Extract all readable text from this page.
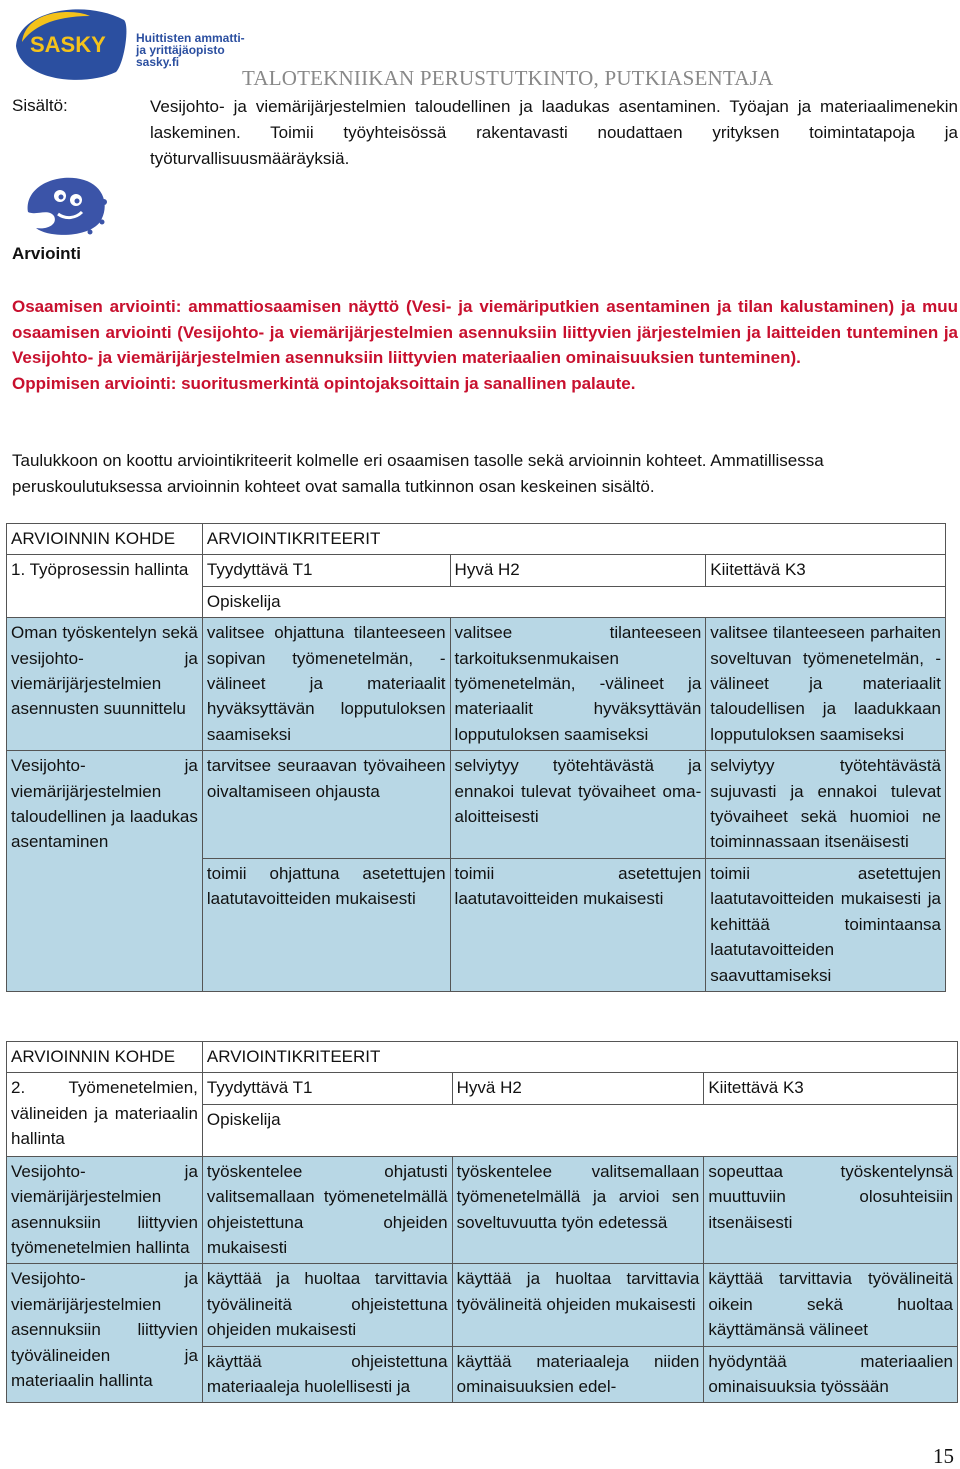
SASKY	Huittisten ammatti-
ja yrittäjäopisto
sasky.fi
TALOTEKNIIKAN PERUSTUTKINTO, PUTKIASENTAJA
Sisältö:	Vesijohto- ja viemärijärjestelmien taloudellinen ja laadukas asentaminen. Työajan ja materiaalimenekin laskeminen. Toimii työyhteisössä rakentavasti noudattaen yrityksen toimintatapoja ja työturvallisuusmääräyksiä.
Arviointi

Osaamisen arviointi: ammattiosaamisen näyttö (Vesi- ja viemäriputkien asentaminen ja tilan kalustaminen) ja muu osaamisen arviointi (Vesijohto- ja viemärijärjestelmien asennuksiin liittyvien järjestelmien ja laitteiden tunteminen ja Vesijohto- ja viemärijärjestelmien asennuksiin liittyvien materiaalien ominaisuuksien tunteminen).

Oppimisen arviointi: suoritusmerkintä opintojaksoittain ja sanallinen palaute.

Taulukkoon on koottu arviointikriteerit kolmelle eri osaamisen tasolle sekä arvioinnin kohteet. Ammatillisessa peruskoulutuksessa arvioinnin kohteet ovat samalla tutkinnon osan keskeinen sisältö.
ARVIOINNIN KOHDE	ARVIOINTIKRITEERIT		
1. Työprosessin hallinta	Tyydyttävä T1	Hyvä H2	Kiitettävä K3
	Opiskelija		
Oman työskentelyn sekä vesijohto- ja viemärijärjestelmien asennusten suunnittelu	valitsee ohjattuna tilanteeseen sopivan työmenetelmän, -välineet ja materiaalit hyväksyttävän lopputuloksen saamiseksi	valitsee tilanteeseen tarkoituksenmukaisen työmenetelmän, -välineet ja materiaalit hyväksyttävän lopputuloksen saamiseksi	valitsee tilanteeseen parhaiten soveltuvan työmenetelmän, -välineet ja materiaalit taloudellisen ja laadukkaan lopputuloksen saamiseksi
Vesijohto- ja viemärijärjestelmien taloudellinen ja laadukas asentaminen	tarvitsee seuraavan työvaiheen oivaltamiseen ohjausta	selviytyy työtehtävästä ja ennakoi tulevat työvaiheet oma-aloitteisesti	selviytyy työtehtävästä sujuvasti ja ennakoi tulevat työvaiheet sekä huomioi ne toiminnassaan itsenäisesti
	toimii ohjattuna asetettujen laatutavoitteiden mukaisesti	toimii asetettujen laatutavoitteiden mukaisesti	toimii asetettujen laatutavoitteiden mukaisesti ja kehittää toimintaansa laatutavoitteiden saavuttamiseksi
ARVIOINNIN KOHDE	ARVIOINTIKRITEERIT		
2. Työmenetelmien, välineiden ja materiaalin hallinta	Tyydyttävä T1	Hyvä H2	Kiitettävä K3
	Opiskelija		
Vesijohto- ja viemärijärjestelmien asennuksiin liittyvien työmenetelmien hallinta	työskentelee ohjatusti valitsemallaan työmenetelmällä ohjeistettuna ohjeiden mukaisesti	työskentelee valitsemallaan työmenetelmällä ja arvioi sen soveltuvuutta työn edetessä	sopeuttaa työskentelynsä muuttuviin olosuhteisiin itsenäisesti
Vesijohto- ja viemärijärjestelmien asennuksiin liittyvien työvälineiden ja materiaalin hallinta	käyttää ja huoltaa tarvittavia työvälineitä ohjeistettuna ohjeiden mukaisesti	käyttää ja huoltaa tarvittavia työvälineitä ohjeiden mukaisesti	käyttää tarvittavia työvälineitä oikein sekä huoltaa käyttämänsä välineet
	käyttää ohjeistettuna materiaaleja huolellisesti ja	käyttää materiaaleja niiden ominaisuuksien edel-	hyödyntää materiaalien ominaisuuksia työssään
15
